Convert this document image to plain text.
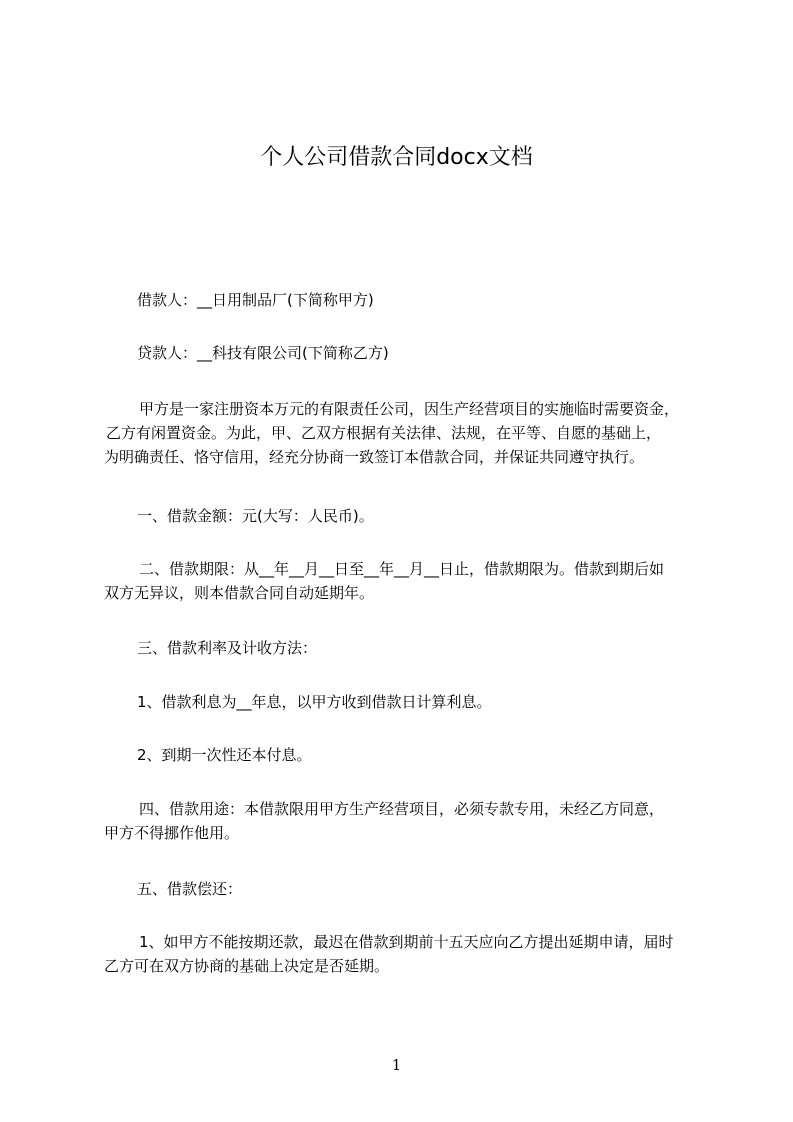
个人公司借款合同docx文档
借款人：__日用制品厂(下简称甲方)
贷款人：__科技有限公司(下简称乙方)
甲方是一家注册资本万元的有限责任公司，因生产经营项目的实施临时需要资金，
乙方有闲置资金。为此，甲、乙双方根据有关法律、法规，在平等、自愿的基础上，
为明确责任、恪守信用，经充分协商一致签订本借款合同，并保证共同遵守执行。
一、借款金额：元(大写：人民币)。
二、借款期限：从__年__月__日至__年__月__日止，借款期限为。借款到期后如
双方无异议，则本借款合同自动延期年。
三、借款利率及计收方法：
1、借款利息为__年息，以甲方收到借款日计算利息。
2、到期一次性还本付息。
四、借款用途：本借款限用甲方生产经营项目，必须专款专用，未经乙方同意，
甲方不得挪作他用。
五、借款偿还：
1、如甲方不能按期还款，最迟在借款到期前十五天应向乙方提出延期申请，届时
乙方可在双方协商的基础上决定是否延期。
1
